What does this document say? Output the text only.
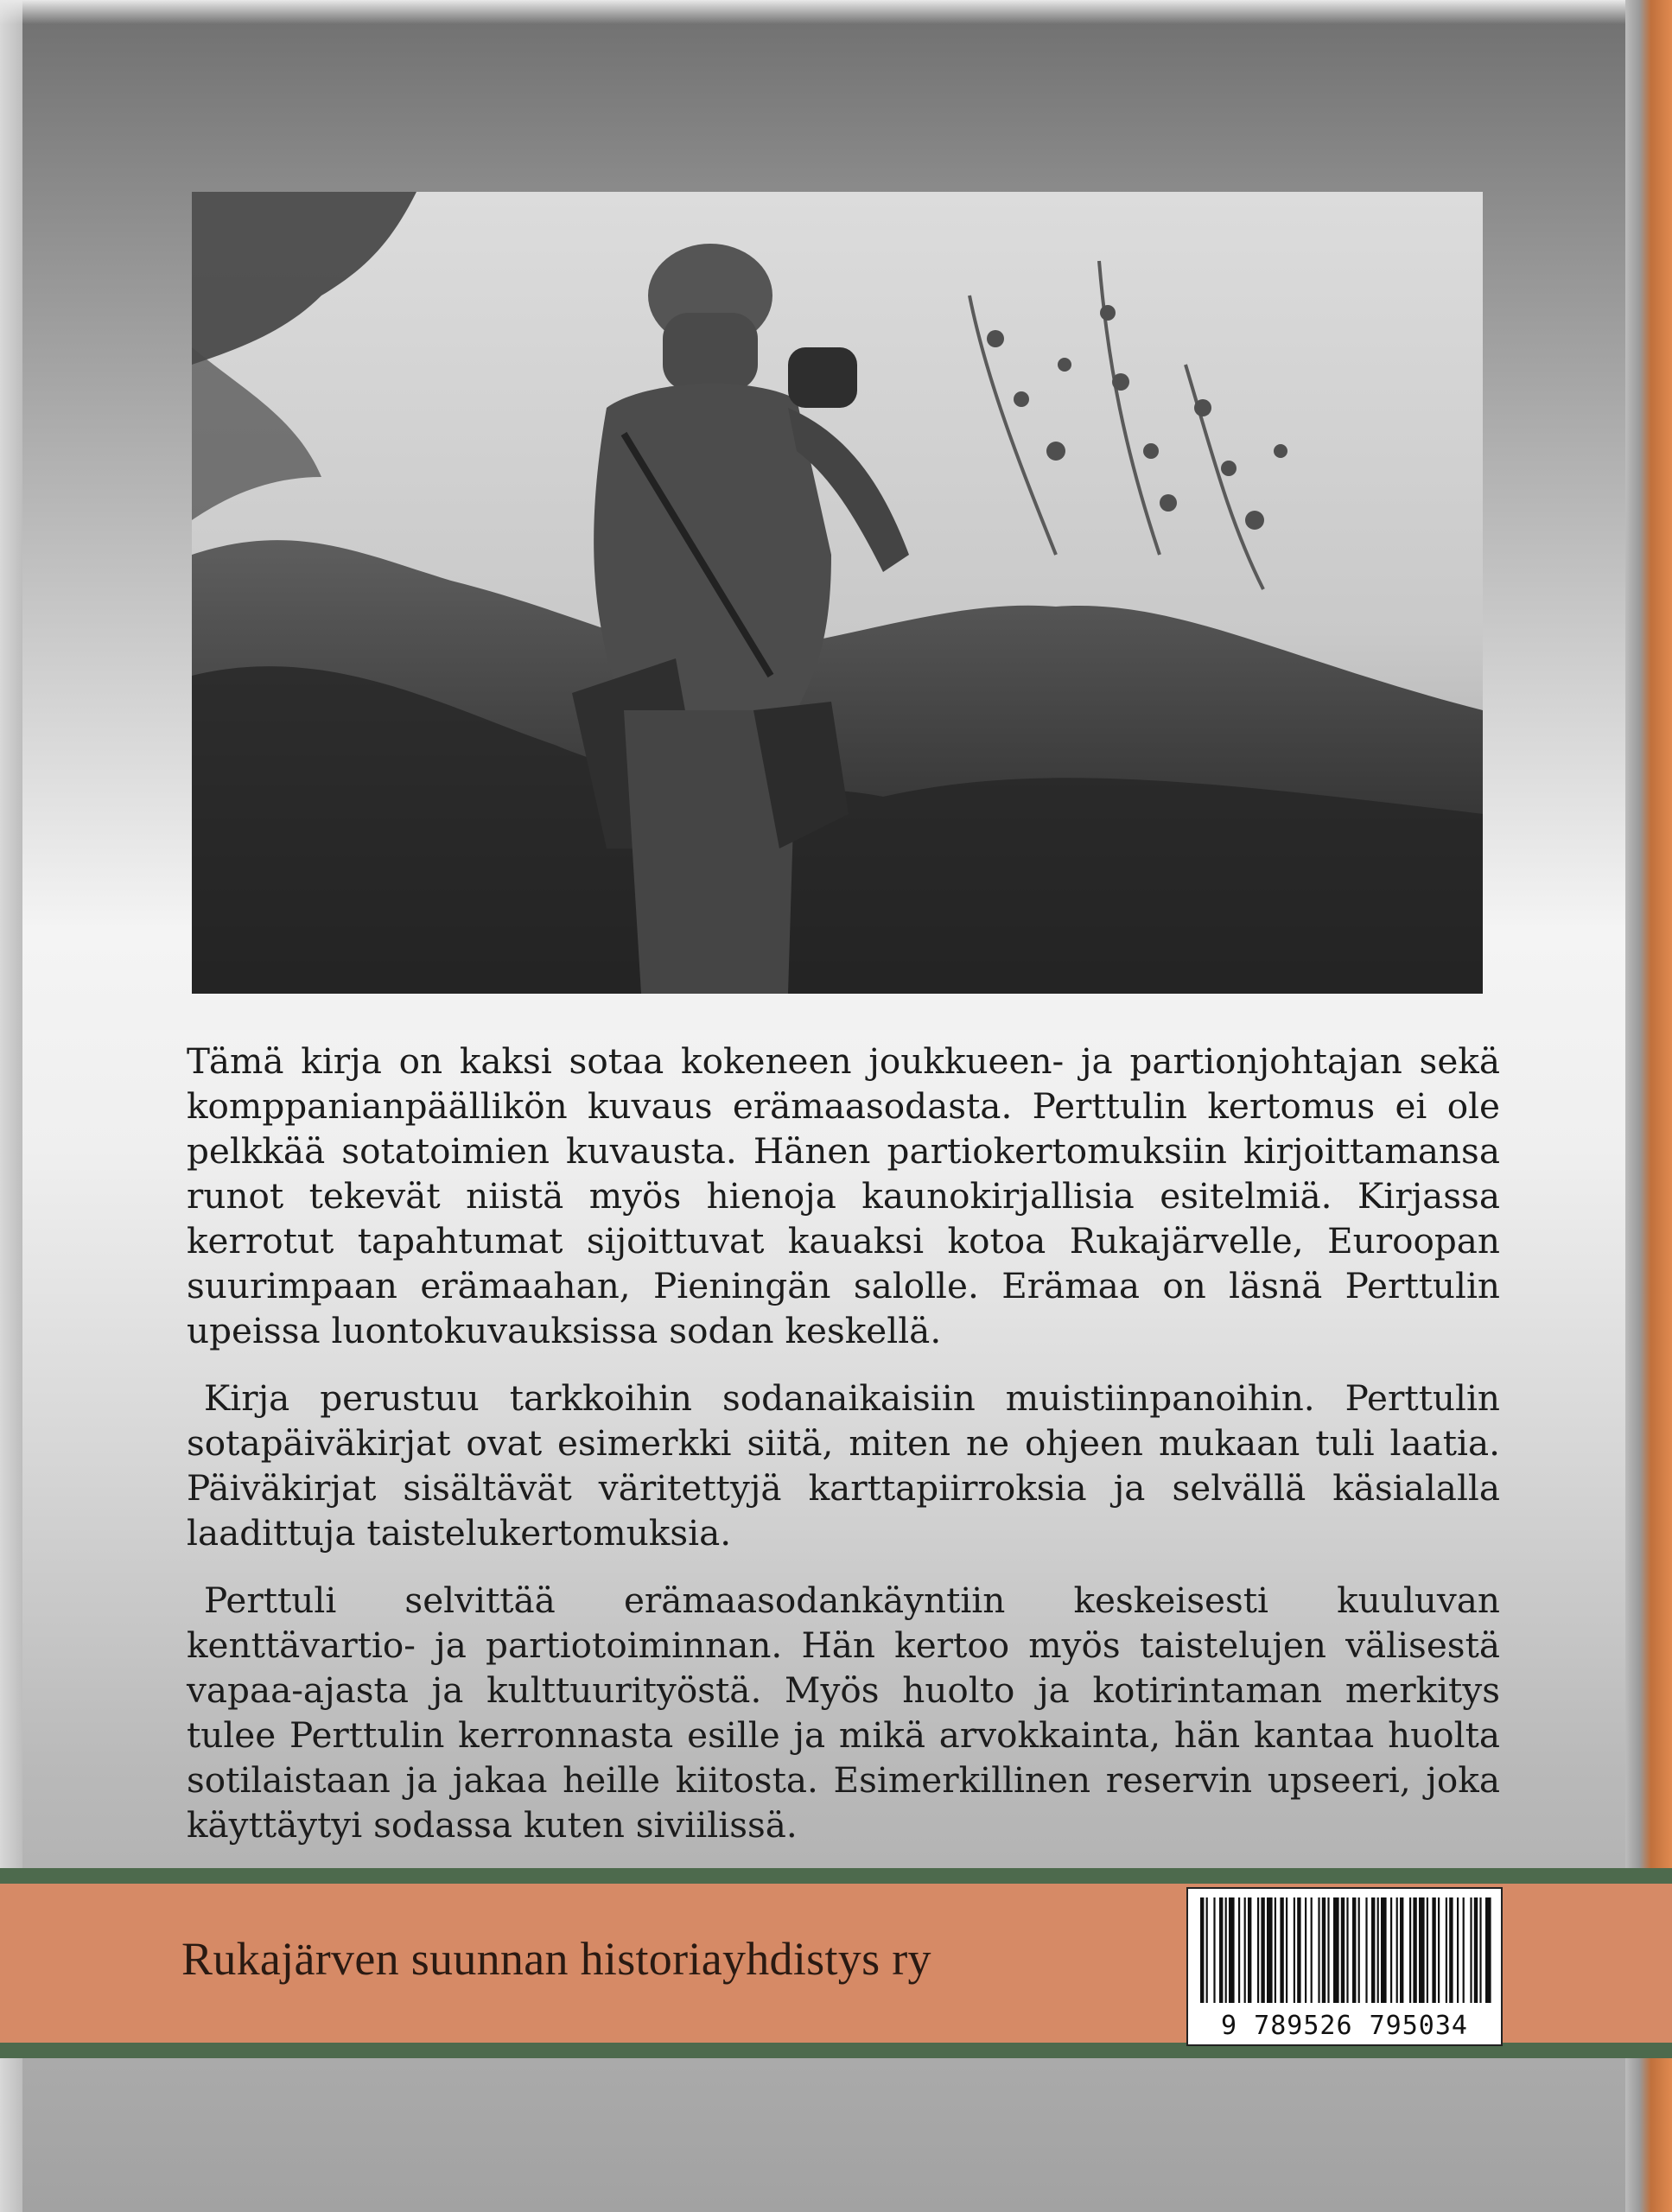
Tämä kirja on kaksi sotaa kokeneen joukkueen- ja partionjohtajan sekä komppanianpäällikön kuvaus erämaasodasta. Perttulin kertomus ei ole pelkkää sotatoimien kuvausta. Hänen partiokertomuksiin kirjoittamansa runot tekevät niistä myös hienoja kaunokirjallisia esitelmiä. Kirjassa kerrotut tapahtumat sijoittuvat kauaksi kotoa Rukajärvelle, Euroopan suurimpaan erämaahan, Pieningän salolle. Erämaa on läsnä Perttulin upeissa luontokuvauksissa sodan keskellä.

Kirja perustuu tarkkoihin sodanaikaisiin muistiinpanoihin. Perttulin sotapäiväkirjat ovat esimerkki siitä, miten ne ohjeen mukaan tuli laatia. Päiväkirjat sisältävät väritettyjä karttapiirroksia ja selvällä käsialalla laadittuja taistelukertomuksia.

Perttuli selvittää erämaasodankäyntiin keskeisesti kuuluvan kenttävartio- ja partiotoiminnan. Hän kertoo myös taistelujen välisestä vapaa-ajasta ja kulttuurityöstä. Myös huolto ja kotirintaman merkitys tulee Perttulin kerronnasta esille ja mikä arvokkainta, hän kantaa huolta sotilaistaan ja jakaa heille kiitosta. Esimerkillinen reservin upseeri, joka käyttäytyi sodassa kuten siviilissä.

Rukajärven suunnan historiayhdistys ry
9 789526 795034
